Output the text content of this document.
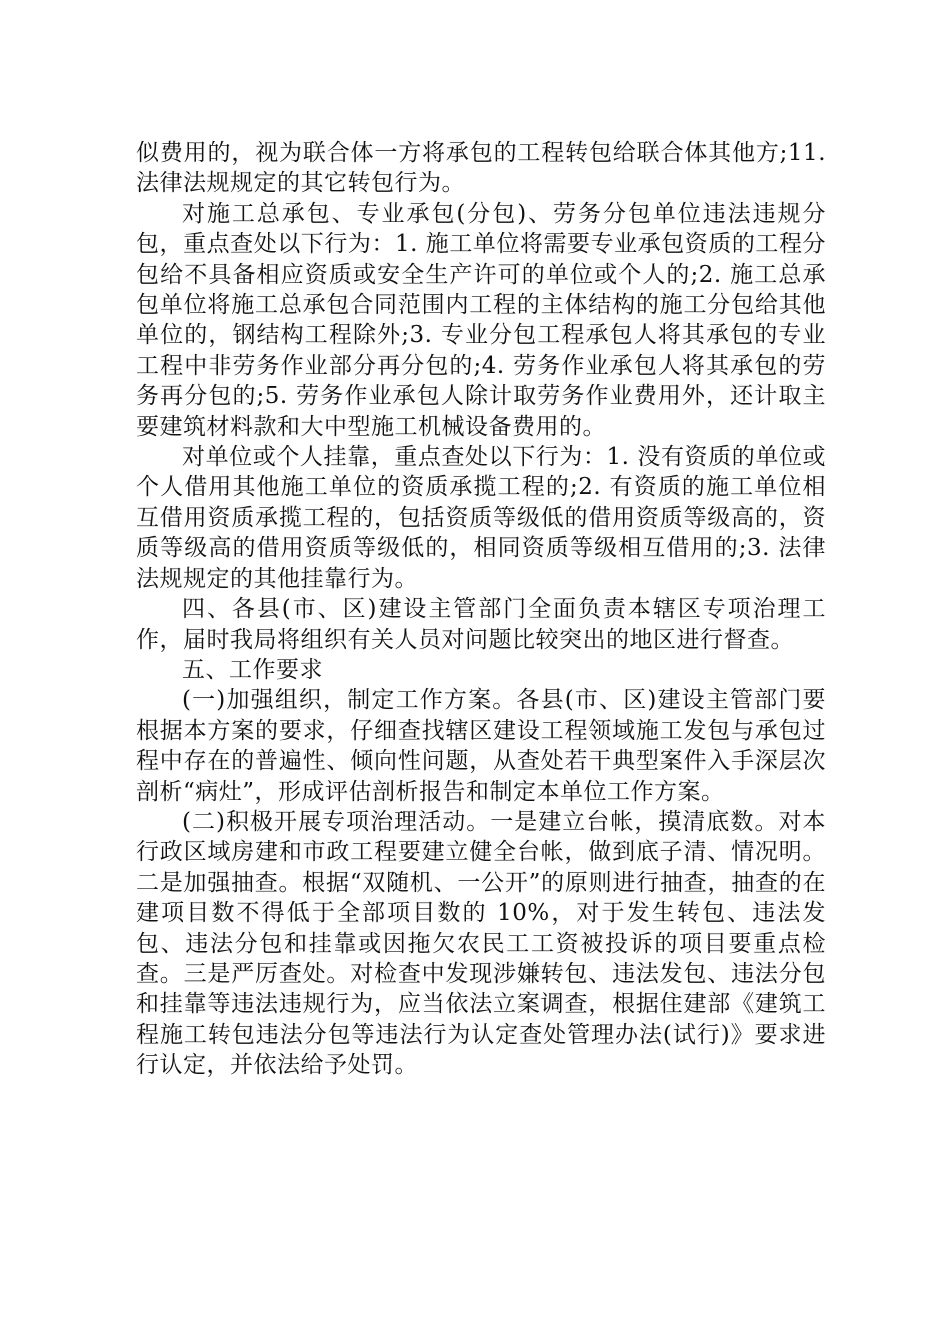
似费用的，视为联合体一方将承包的工程转包给联合体其他方;11. 法律法规规定的其它转包行为。

对施工总承包、专业承包(分包)、劳务分包单位违法违规分包，重点查处以下行为：1. 施工单位将需要专业承包资质的工程分包给不具备相应资质或安全生产许可的单位或个人的;2. 施工总承包单位将施工总承包合同范围内工程的主体结构的施工分包给其他单位的，钢结构工程除外;3. 专业分包工程承包人将其承包的专业工程中非劳务作业部分再分包的;4. 劳务作业承包人将其承包的劳务再分包的;5. 劳务作业承包人除计取劳务作业费用外，还计取主要建筑材料款和大中型施工机械设备费用的。

对单位或个人挂靠，重点查处以下行为：1. 没有资质的单位或个人借用其他施工单位的资质承揽工程的;2. 有资质的施工单位相互借用资质承揽工程的，包括资质等级低的借用资质等级高的，资质等级高的借用资质等级低的，相同资质等级相互借用的;3. 法律法规规定的其他挂靠行为。

四、各县(市、区)建设主管部门全面负责本辖区专项治理工作，届时我局将组织有关人员对问题比较突出的地区进行督查。

五、工作要求

(一)加强组织，制定工作方案。各县(市、区)建设主管部门要根据本方案的要求，仔细查找辖区建设工程领域施工发包与承包过程中存在的普遍性、倾向性问题，从查处若干典型案件入手深层次剖析“病灶”，形成评估剖析报告和制定本单位工作方案。

(二)积极开展专项治理活动。一是建立台帐，摸清底数。对本行政区域房建和市政工程要建立健全台帐，做到底子清、情况明。二是加强抽查。根据“双随机、一公开”的原则进行抽查，抽查的在建项目数不得低于全部项目数的 10%，对于发生转包、违法发包、违法分包和挂靠或因拖欠农民工工资被投诉的项目要重点检查。三是严厉查处。对检查中发现涉嫌转包、违法发包、违法分包和挂靠等违法违规行为，应当依法立案调查，根据住建部《建筑工程施工转包违法分包等违法行为认定查处管理办法(试行)》要求进行认定，并依法给予处罚。
